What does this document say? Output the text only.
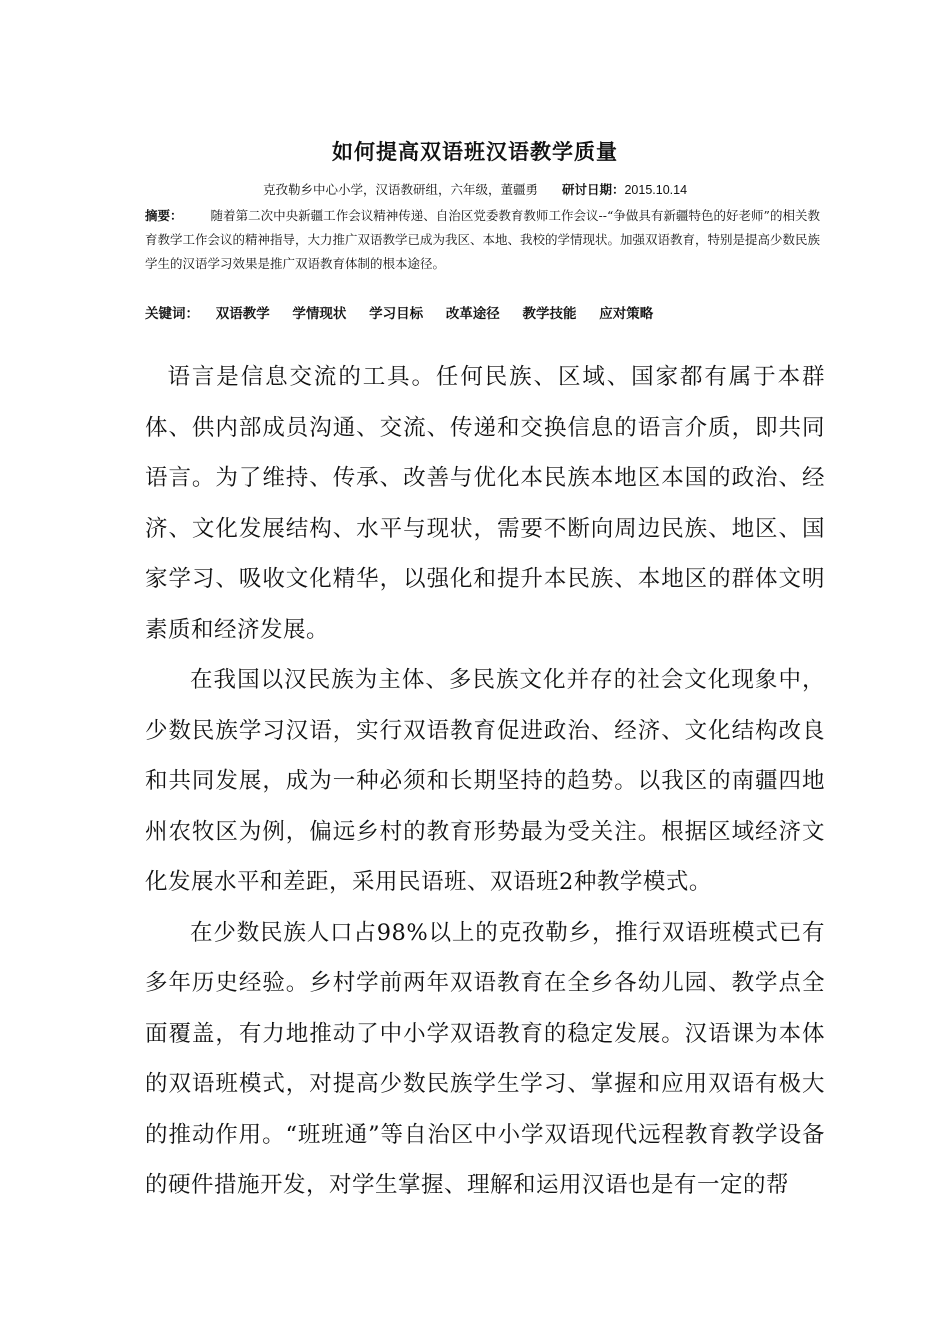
如何提高双语班汉语教学质量
克孜勒乡中心小学，汉语教研组，六年级，董疆勇 研讨日期：2015.10.14
摘要： 随着第二次中央新疆工作会议精神传递、自治区党委教育教师工作会议--“争做具有新疆特色的好老师”的相关教育教学工作会议的精神指导，大力推广双语教学已成为我区、本地、我校的学情现状。加强双语教育，特别是提高少数民族学生的汉语学习效果是推广双语教育体制的根本途径。
关键词： 双语教学 学情现状 学习目标 改革途径 教学技能 应对策略

语言是信息交流的工具。任何民族、区域、国家都有属于本群体、供内部成员沟通、交流、传递和交换信息的语言介质，即共同语言。为了维持、传承、改善与优化本民族本地区本国的政治、经济、文化发展结构、水平与现状，需要不断向周边民族、地区、国家学习、吸收文化精华，以强化和提升本民族、本地区的群体文明素质和经济发展。

在我国以汉民族为主体、多民族文化并存的社会文化现象中，少数民族学习汉语，实行双语教育促进政治、经济、文化结构改良和共同发展，成为一种必须和长期坚持的趋势。以我区的南疆四地州农牧区为例，偏远乡村的教育形势最为受关注。根据区域经济文化发展水平和差距，采用民语班、双语班2种教学模式。

在少数民族人口占98%以上的克孜勒乡，推行双语班模式已有多年历史经验。乡村学前两年双语教育在全乡各幼儿园、教学点全面覆盖，有力地推动了中小学双语教育的稳定发展。汉语课为本体的双语班模式，对提高少数民族学生学习、掌握和应用双语有极大的推动作用。“班班通”等自治区中小学双语现代远程教育教学设备的硬件措施开发，对学生掌握、理解和运用汉语也是有一定的帮
